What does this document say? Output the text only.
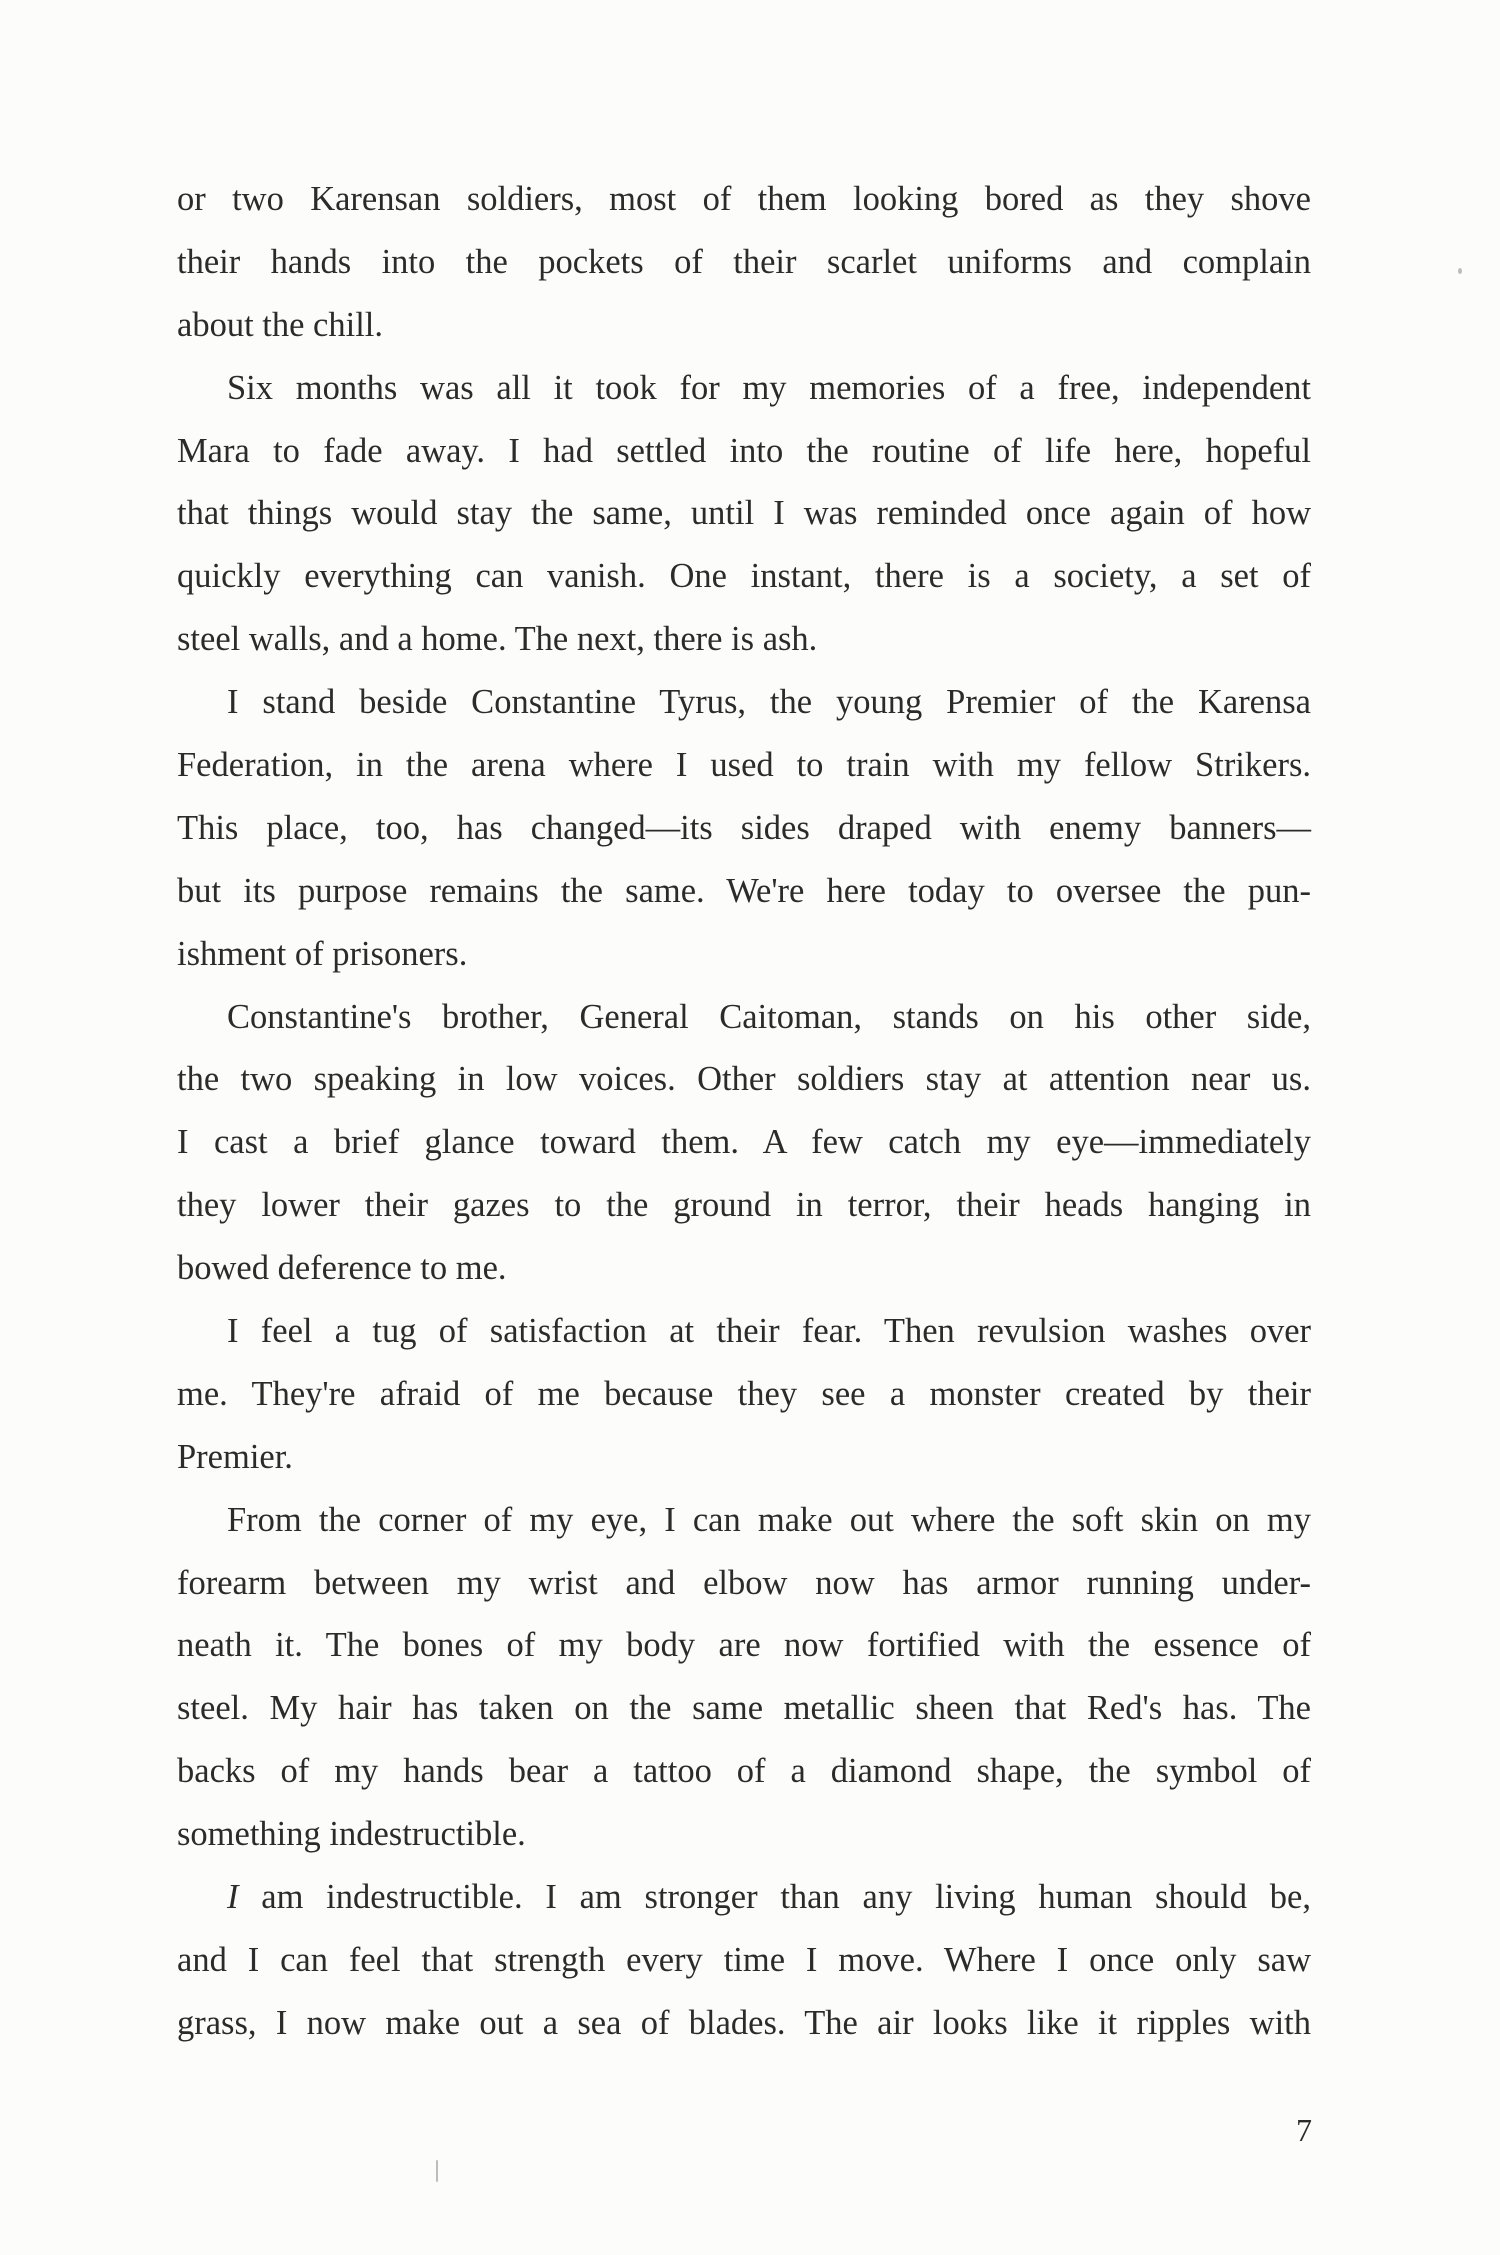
or two Karensan soldiers, most of them looking bored as they shove
their hands into the pockets of their scarlet uniforms and complain
about the chill.
Six months was all it took for my memories of a free, independent
Mara to fade away. I had settled into the routine of life here, hopeful
that things would stay the same, until I was reminded once again of how
quickly everything can vanish. One instant, there is a society, a set of
steel walls, and a home. The next, there is ash.
I stand beside Constantine Tyrus, the young Premier of the Karensa
Federation, in the arena where I used to train with my fellow Strikers.
This place, too, has changed—its sides draped with enemy banners—
but its purpose remains the same. We're here today to oversee the pun-
ishment of prisoners.
Constantine's brother, General Caitoman, stands on his other side,
the two speaking in low voices. Other soldiers stay at attention near us.
I cast a brief glance toward them. A few catch my eye—immediately
they lower their gazes to the ground in terror, their heads hanging in
bowed deference to me.
I feel a tug of satisfaction at their fear. Then revulsion washes over
me. They're afraid of me because they see a monster created by their
Premier.
From the corner of my eye, I can make out where the soft skin on my
forearm between my wrist and elbow now has armor running under-
neath it. The bones of my body are now fortified with the essence of
steel. My hair has taken on the same metallic sheen that Red's has. The
backs of my hands bear a tattoo of a diamond shape, the symbol of
something indestructible.
I am indestructible. I am stronger than any living human should be,
and I can feel that strength every time I move. Where I once only saw
grass, I now make out a sea of blades. The air looks like it ripples with
7
